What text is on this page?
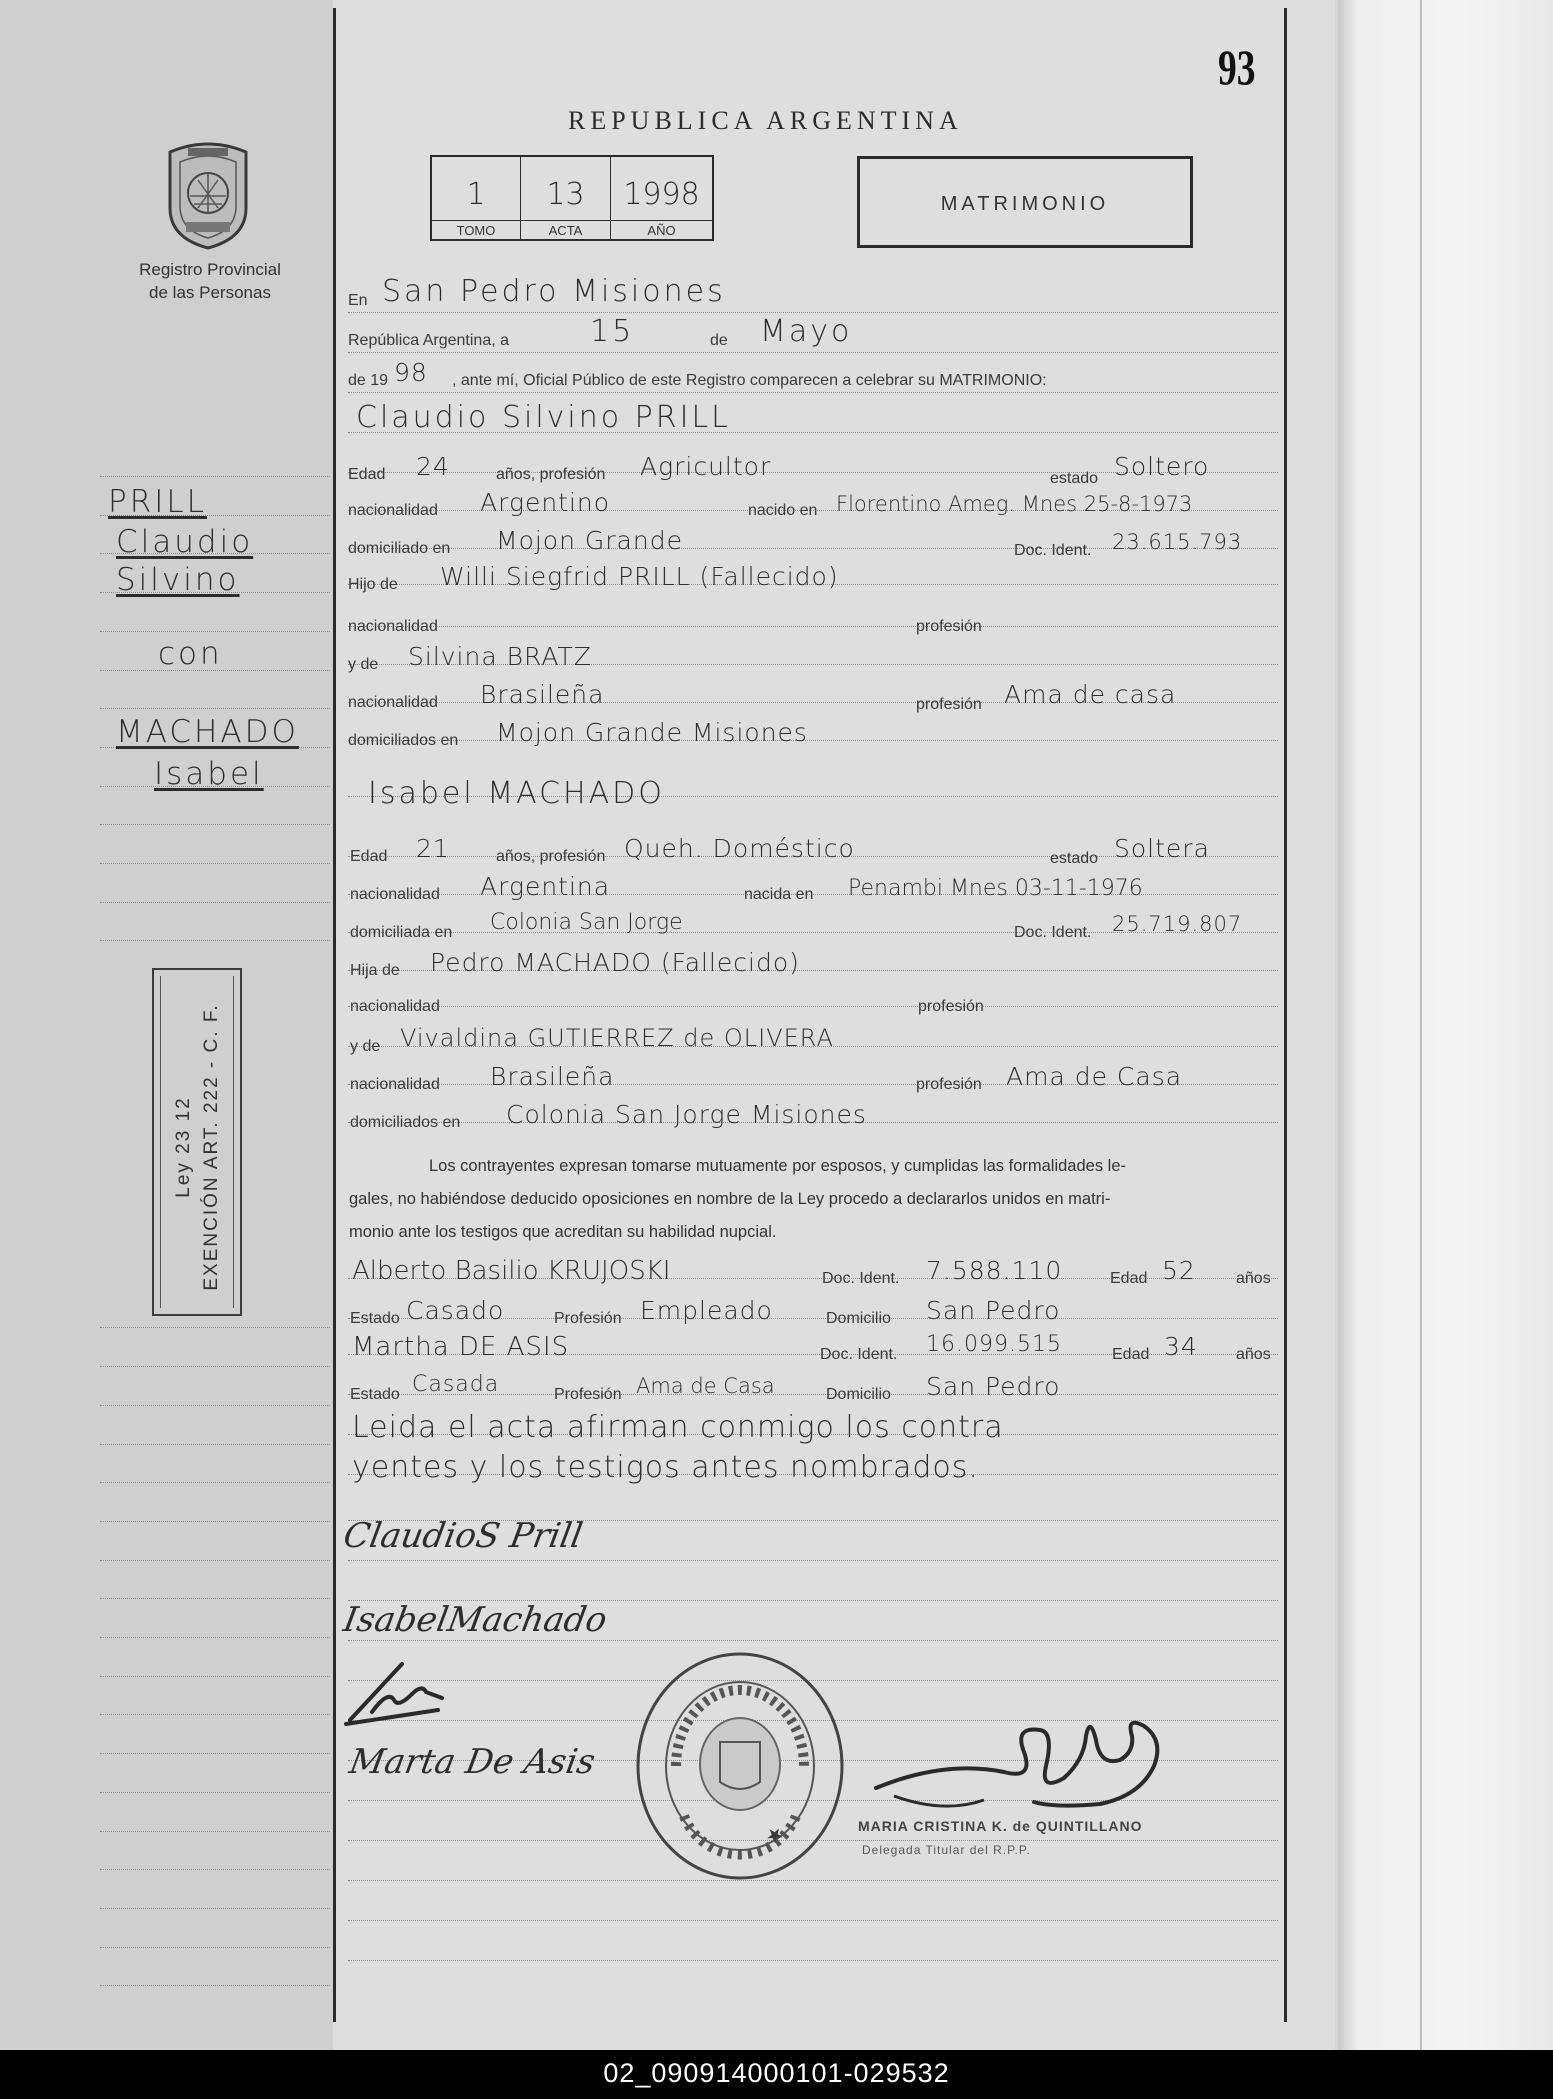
93
REPUBLICA ARGENTINA
Registro Provincial
de las Personas
1
TOMO
13
ACTA
1998
AÑO
MATRIMONIO
PRILL
Claudio
Silvino
con
MACHADO
Isabel
Ley 23 12 EXENCIÓN ART. 222 - C. F.
En San Pedro Misiones
República Argentina, a	15	de Mayo
de 19 98 , ante mí, Oficial Público de este Registro comparecen a celebrar su MATRIMONIO:
Claudio Silvino PRILL
Edad 24	años, profesión Agricultor	estado Soltero
nacionalidad Argentino	nacido en Florentino Ameg. Mnes 25-8-1973
domiciliado en Mojon Grande	Doc. Ident. 23.615.793
Hijo de Willi Siegfrid PRILL (Fallecido)
nacionalidad	profesión
y de Silvina BRATZ
nacionalidad Brasileña	profesión Ama de casa
domiciliados en Mojon Grande Misiones
Isabel MACHADO
Edad 21	años, profesión Queh. Doméstico	estado Soltera
nacionalidad Argentina	nacida en Penambi Mnes 03-11-1976
domiciliada en Colonia San Jorge	Doc. Ident. 25.719.807
Hija de Pedro MACHADO (Fallecido)
nacionalidad	profesión
y de Vivaldina GUTIERREZ de OLIVERA
nacionalidad Brasileña	profesión Ama de Casa
domiciliados en Colonia San Jorge Misiones
Los contrayentes expresan tomarse mutuamente por esposos, y cumplidas las formalidades le-
gales, no habiéndose deducido oposiciones en nombre de la Ley procedo a declararlos unidos en matri-
monio ante los testigos que acreditan su habilidad nupcial.
Alberto Basilio KRUJOSKI	Doc. Ident. 7.588.110	Edad 52	años
Estado Casado	Profesión Empleado	Domicilio San Pedro
Martha DE ASIS	Doc. Ident. 16.099.515	Edad 34 años
Estado Casada	Profesión Ama de Casa	Domicilio San Pedro
Leida el acta afirman conmigo los contra
yentes y los testigos antes nombrados.
ClaudioS Prill
IsabelMachado
Marta De Asis
★	MARIA CRISTINA K. de QUINTILLANO
Delegada Titular del R.P.P.
02_090914000101-029532
